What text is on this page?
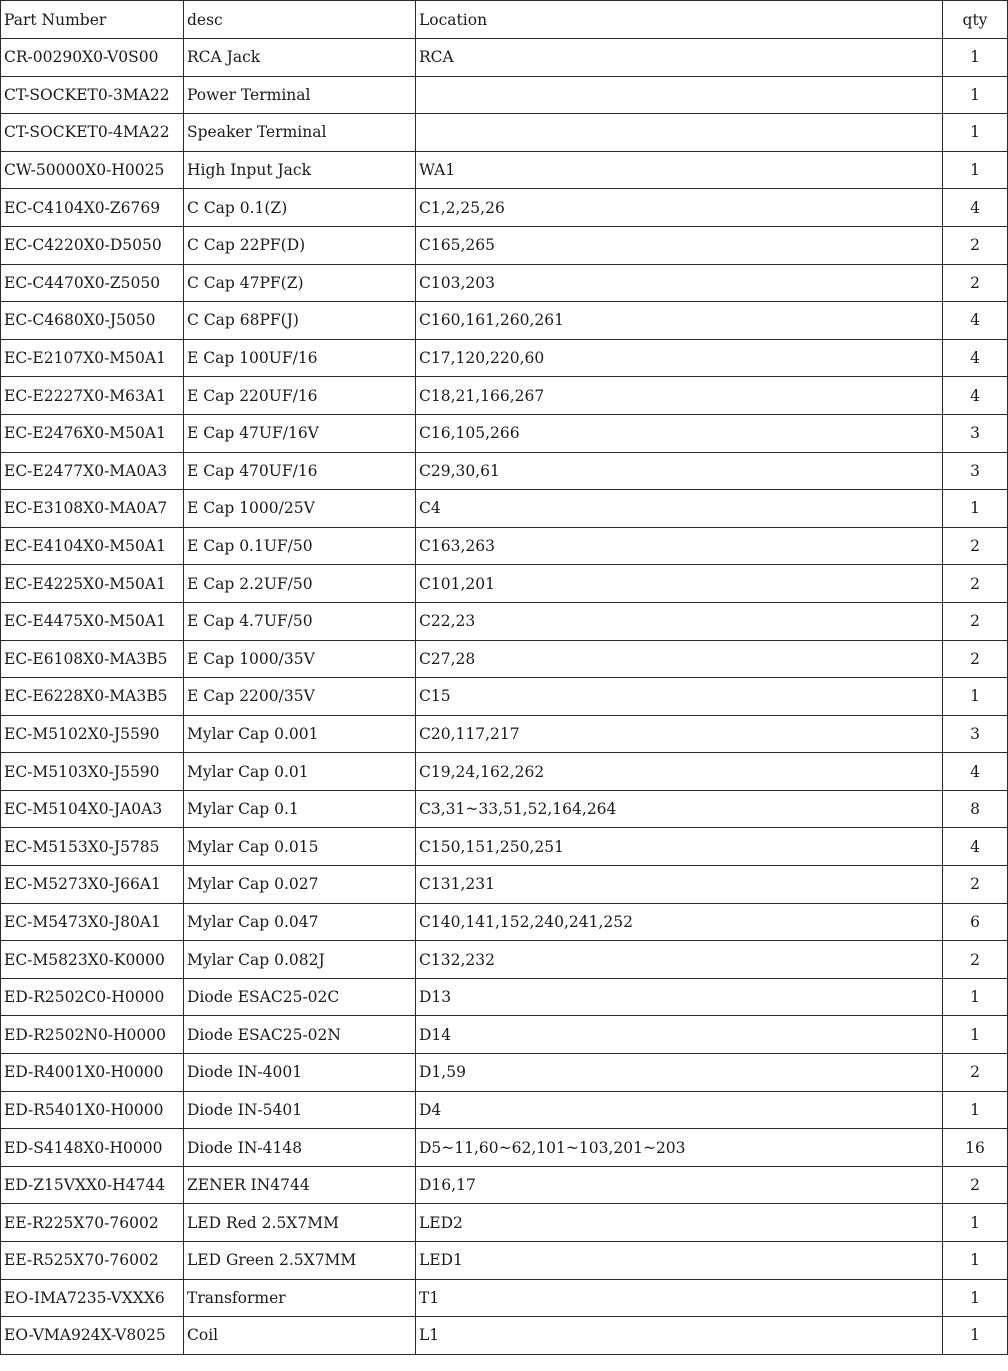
Part Number	desc	Location	qty
CR-00290X0-V0S00	RCA Jack	RCA	1
CT-SOCKET0-3MA22	Power Terminal		1
CT-SOCKET0-4MA22	Speaker Terminal		1
CW-50000X0-H0025	High Input Jack	WA1	1
EC-C4104X0-Z6769	C Cap 0.1(Z)	C1,2,25,26	4
EC-C4220X0-D5050	C Cap 22PF(D)	C165,265	2
EC-C4470X0-Z5050	C Cap 47PF(Z)	C103,203	2
EC-C4680X0-J5050	C Cap 68PF(J)	C160,161,260,261	4
EC-E2107X0-M50A1	E Cap 100UF/16	C17,120,220,60	4
EC-E2227X0-M63A1	E Cap 220UF/16	C18,21,166,267	4
EC-E2476X0-M50A1	E Cap 47UF/16V	C16,105,266	3
EC-E2477X0-MA0A3	E Cap 470UF/16	C29,30,61	3
EC-E3108X0-MA0A7	E Cap 1000/25V	C4	1
EC-E4104X0-M50A1	E Cap 0.1UF/50	C163,263	2
EC-E4225X0-M50A1	E Cap 2.2UF/50	C101,201	2
EC-E4475X0-M50A1	E Cap 4.7UF/50	C22,23	2
EC-E6108X0-MA3B5	E Cap 1000/35V	C27,28	2
EC-E6228X0-MA3B5	E Cap 2200/35V	C15	1
EC-M5102X0-J5590	Mylar Cap 0.001	C20,117,217	3
EC-M5103X0-J5590	Mylar Cap 0.01	C19,24,162,262	4
EC-M5104X0-JA0A3	Mylar Cap 0.1	C3,31~33,51,52,164,264	8
EC-M5153X0-J5785	Mylar Cap 0.015	C150,151,250,251	4
EC-M5273X0-J66A1	Mylar Cap 0.027	C131,231	2
EC-M5473X0-J80A1	Mylar Cap 0.047	C140,141,152,240,241,252	6
EC-M5823X0-K0000	Mylar Cap 0.082J	C132,232	2
ED-R2502C0-H0000	Diode ESAC25-02C	D13	1
ED-R2502N0-H0000	Diode ESAC25-02N	D14	1
ED-R4001X0-H0000	Diode IN-4001	D1,59	2
ED-R5401X0-H0000	Diode IN-5401	D4	1
ED-S4148X0-H0000	Diode IN-4148	D5~11,60~62,101~103,201~203	16
ED-Z15VXX0-H4744	ZENER IN4744	D16,17	2
EE-R225X70-76002	LED Red 2.5X7MM	LED2	1
EE-R525X70-76002	LED Green 2.5X7MM	LED1	1
EO-IMA7235-VXXX6	Transformer	T1	1
EO-VMA924X-V8025	Coil	L1	1
